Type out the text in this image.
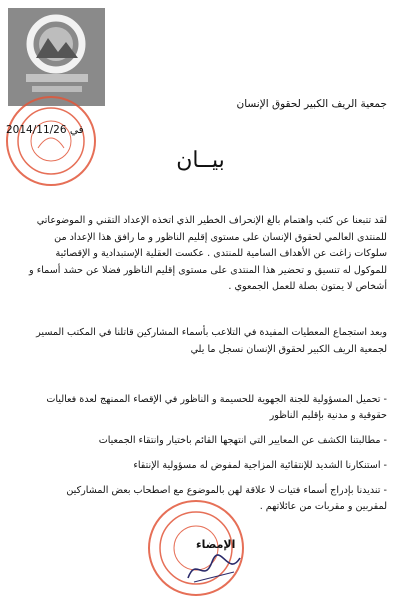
جمعية الريف الكبير لحقوق الإنسان
2014/11/26 في
بيــان
لقد تتبعنا عن كثب واهتمام بالغ الإنحراف الخطير الذي اتخذه الإعداد التقني و الموضوعاتي
للمنتدى العالمي لحقوق الإنسان على مستوى إقليم الناظور و ما رافق هذا الإعداد من
سلوكات زاغت عن الأهداف السامية للمنتدى . عكست العقلية الإستبدادية و الإقصائية
للموكول له تنسيق و تحضير هذا المنتدى على مستوى إقليم الناظور فضلا عن حشد أسماء و
أشخاص لا يمتون بصلة للعمل الجمعوي .
وبعد استجماع المعطيات المفيدة في التلاعب بأسماء المشاركين قاتلنا في المكتب المسير
لجمعية الريف الكبير لحقوق الإنسان نسجل ما يلي
- تحميل المسؤولية للجنة الجهوية للحسيمة و الناظور في الإقصاء الممنهج لعدة فعاليات
حقوقية و مدنية بإقليم الناظور
- مطالبتنا الكشف عن المعايير التي انتهجها القائم باختيار وانتقاء الجمعيات
- استنكارنا الشديد للإنتقائية المزاجية لمفوض له مسؤولية الإنتقاء
- تنديدنا بإدراج أسماء فتيات لا علاقة لهن بالموضوع مع اصطحاب بعض المشاركين
لمقربين و مقربات من عائلاتهم .
الإمضاء
